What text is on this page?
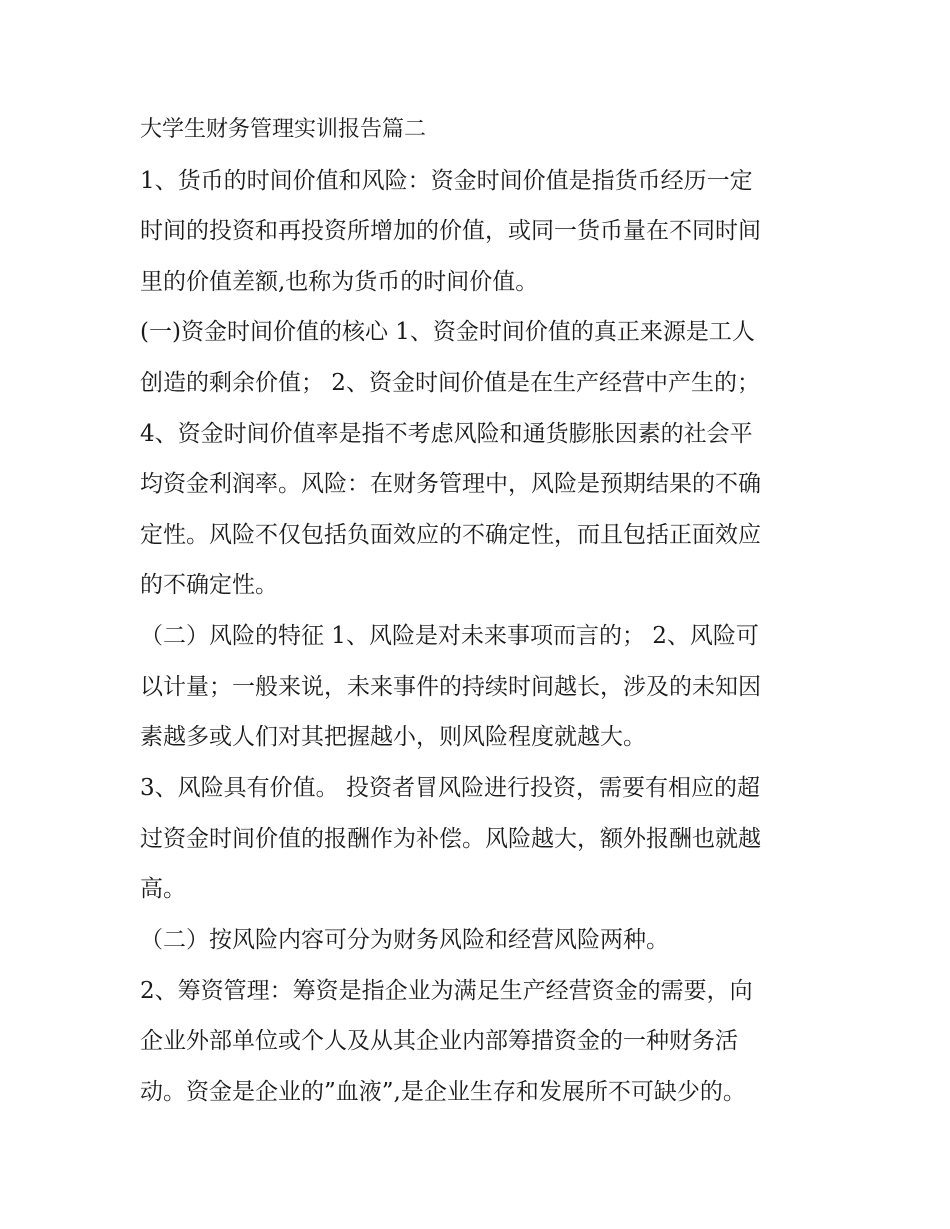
大学生财务管理实训报告篇二
1、货币的时间价值和风险：资金时间价值是指货币经历一定
时间的投资和再投资所增加的价值，或同一货币量在不同时间
里的价值差额,也称为货币的时间价值。
(一)资金时间价值的核心 1、资金时间价值的真正来源是工人
创造的剩余价值； 2、资金时间价值是在生产经营中产生的；
4、资金时间价值率是指不考虑风险和通货膨胀因素的社会平
均资金利润率。风险：在财务管理中，风险是预期结果的不确
定性。风险不仅包括负面效应的不确定性，而且包括正面效应
的不确定性。
（二）风险的特征 1、风险是对未来事项而言的； 2、风险可
以计量；一般来说，未来事件的持续时间越长，涉及的未知因
素越多或人们对其把握越小，则风险程度就越大。
3、风险具有价值。 投资者冒风险进行投资，需要有相应的超
过资金时间价值的报酬作为补偿。风险越大，额外报酬也就越
高。
（二）按风险内容可分为财务风险和经营风险两种。
2、筹资管理：筹资是指企业为满足生产经营资金的需要，向
企业外部单位或个人及从其企业内部筹措资金的一种财务活
动。资金是企业的”血液”,是企业生存和发展所不可缺少的。
